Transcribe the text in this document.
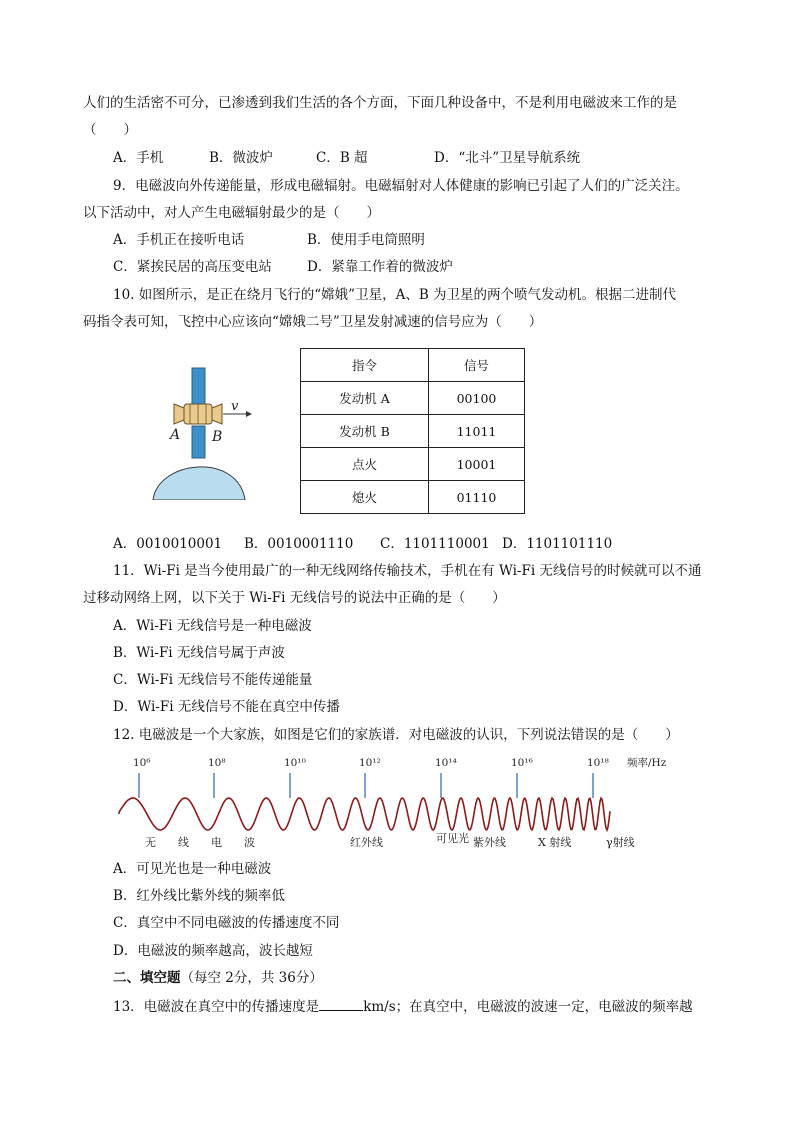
人们的生活密不可分，已渗透到我们生活的各个方面，下面几种设备中，不是利用电磁波来工作的是
（　　）
A．手机	B．微波炉	C．B 超	D．“北斗”卫星导航系统
9．电磁波向外传递能量，形成电磁辐射。电磁辐射对人体健康的影响已引起了人们的广泛关注。
以下活动中，对人产生电磁辐射最少的是（　　）
A．手机正在接听电话	B．使用手电筒照明
C．紧挨民居的高压变电站	D．紧靠工作着的微波炉
10. 如图所示，是正在绕月飞行的“嫦娥”卫星，A、B 为卫星的两个喷气发动机。根据二进制代
码指令表可知，飞控中心应该向“嫦娥二号”卫星发射减速的信号应为（　　）
v
A B
指令	信号
发动机 A	00100
发动机 B	11011
点火	10001
熄火	01110
A．0010010001 B．0010001110 C．1101110001 D．1101101110
11．Wi-Fi 是当今使用最广的一种无线网络传输技术，手机在有 Wi-Fi 无线信号的时候就可以不通
过移动网络上网，以下关于 Wi-Fi 无线信号的说法中正确的是（　　）
A．Wi-Fi 无线信号是一种电磁波
B．Wi-Fi 无线信号属于声波
C．Wi-Fi 无线信号不能传递能量
D．Wi-Fi 无线信号不能在真空中传播
12. 电磁波是一个大家族，如图是它们的家族谱．对电磁波的认识，下列说法错误的是（　　）
10⁶	10⁸	10¹⁰	10¹²	10¹⁴	10¹⁶	10¹⁸ 频率/Hz
无　　线　　电　　波	红外线	可见光 紫外线	X 射线	γ射线
A．可见光也是一种电磁波
B．红外线比紫外线的频率低
C．真空中不同电磁波的传播速度不同
D．电磁波的频率越高，波长越短
二、填空题（每空 2分，共 36分）
13．电磁波在真空中的传播速度是	km/s；在真空中，电磁波的波速一定，电磁波的频率越
